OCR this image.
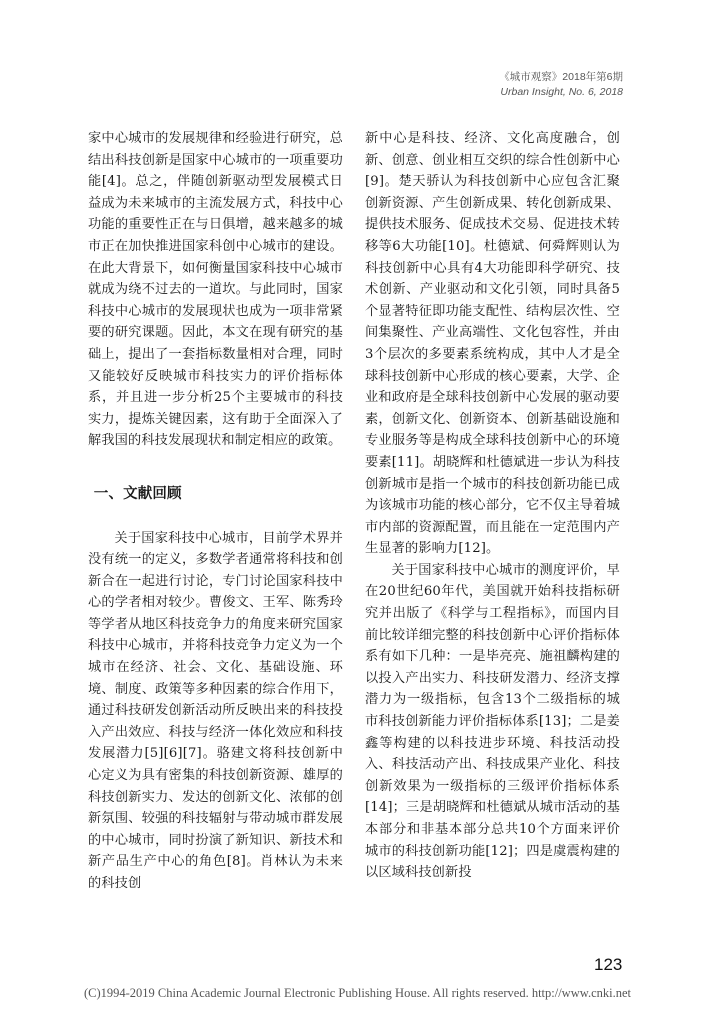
《城市观察》2018年第6期
Urban Insight, No. 6, 2018

家中心城市的发展规律和经验进行研究，总结出科技创新是国家中心城市的一项重要功能[4]。总之，伴随创新驱动型发展模式日益成为未来城市的主流发展方式，科技中心功能的重要性正在与日俱增，越来越多的城市正在加快推进国家科创中心城市的建设。在此大背景下，如何衡量国家科技中心城市就成为绕不过去的一道坎。与此同时，国家科技中心城市的发展现状也成为一项非常紧要的研究课题。因此，本文在现有研究的基础上，提出了一套指标数量相对合理，同时又能较好反映城市科技实力的评价指标体系，并且进一步分析25个主要城市的科技实力，提炼关键因素，这有助于全面深入了解我国的科技发展现状和制定相应的政策。

一、文献回顾

关于国家科技中心城市，目前学术界并没有统一的定义，多数学者通常将科技和创新合在一起进行讨论，专门讨论国家科技中心的学者相对较少。曹俊文、王军、陈秀玲等学者从地区科技竞争力的角度来研究国家科技中心城市，并将科技竞争力定义为一个城市在经济、社会、文化、基础设施、环境、制度、政策等多种因素的综合作用下，通过科技研发创新活动所反映出来的科技投入产出效应、科技与经济一体化效应和科技发展潜力[5][6][7]。骆建文将科技创新中心定义为具有密集的科技创新资源、雄厚的科技创新实力、发达的创新文化、浓郁的创新氛围、较强的科技辐射与带动城市群发展的中心城市，同时扮演了新知识、新技术和新产品生产中心的角色[8]。肖林认为未来的科技创

新中心是科技、经济、文化高度融合，创新、创意、创业相互交织的综合性创新中心[9]。楚天骄认为科技创新中心应包含汇聚创新资源、产生创新成果、转化创新成果、提供技术服务、促成技术交易、促进技术转移等6大功能[10]。杜德斌、何舜辉则认为科技创新中心具有4大功能即科学研究、技术创新、产业驱动和文化引领，同时具备5个显著特征即功能支配性、结构层次性、空间集聚性、产业高端性、文化包容性，并由3个层次的多要素系统构成，其中人才是全球科技创新中心形成的核心要素，大学、企业和政府是全球科技创新中心发展的驱动要素，创新文化、创新资本、创新基础设施和专业服务等是构成全球科技创新中心的环境要素[11]。胡晓辉和杜德斌进一步认为科技创新城市是指一个城市的科技创新功能已成为该城市功能的核心部分，它不仅主导着城市内部的资源配置，而且能在一定范围内产生显著的影响力[12]。

关于国家科技中心城市的测度评价，早在20世纪60年代，美国就开始科技指标研究并出版了《科学与工程指标》，而国内目前比较详细完整的科技创新中心评价指标体系有如下几种：一是毕亮亮、施祖麟构建的以投入产出实力、科技研发潜力、经济支撑潜力为一级指标，包含13个二级指标的城市科技创新能力评价指标体系[13]；二是姜鑫等构建的以科技进步环境、科技活动投入、科技活动产出、科技成果产业化、科技创新效果为一级指标的三级评价指标体系[14]；三是胡晓辉和杜德斌从城市活动的基本部分和非基本部分总共10个方面来评价城市的科技创新功能[12]；四是虞震构建的以区域科技创新投

123
(C)1994-2019 China Academic Journal Electronic Publishing House. All rights reserved. http://www.cnki.net
